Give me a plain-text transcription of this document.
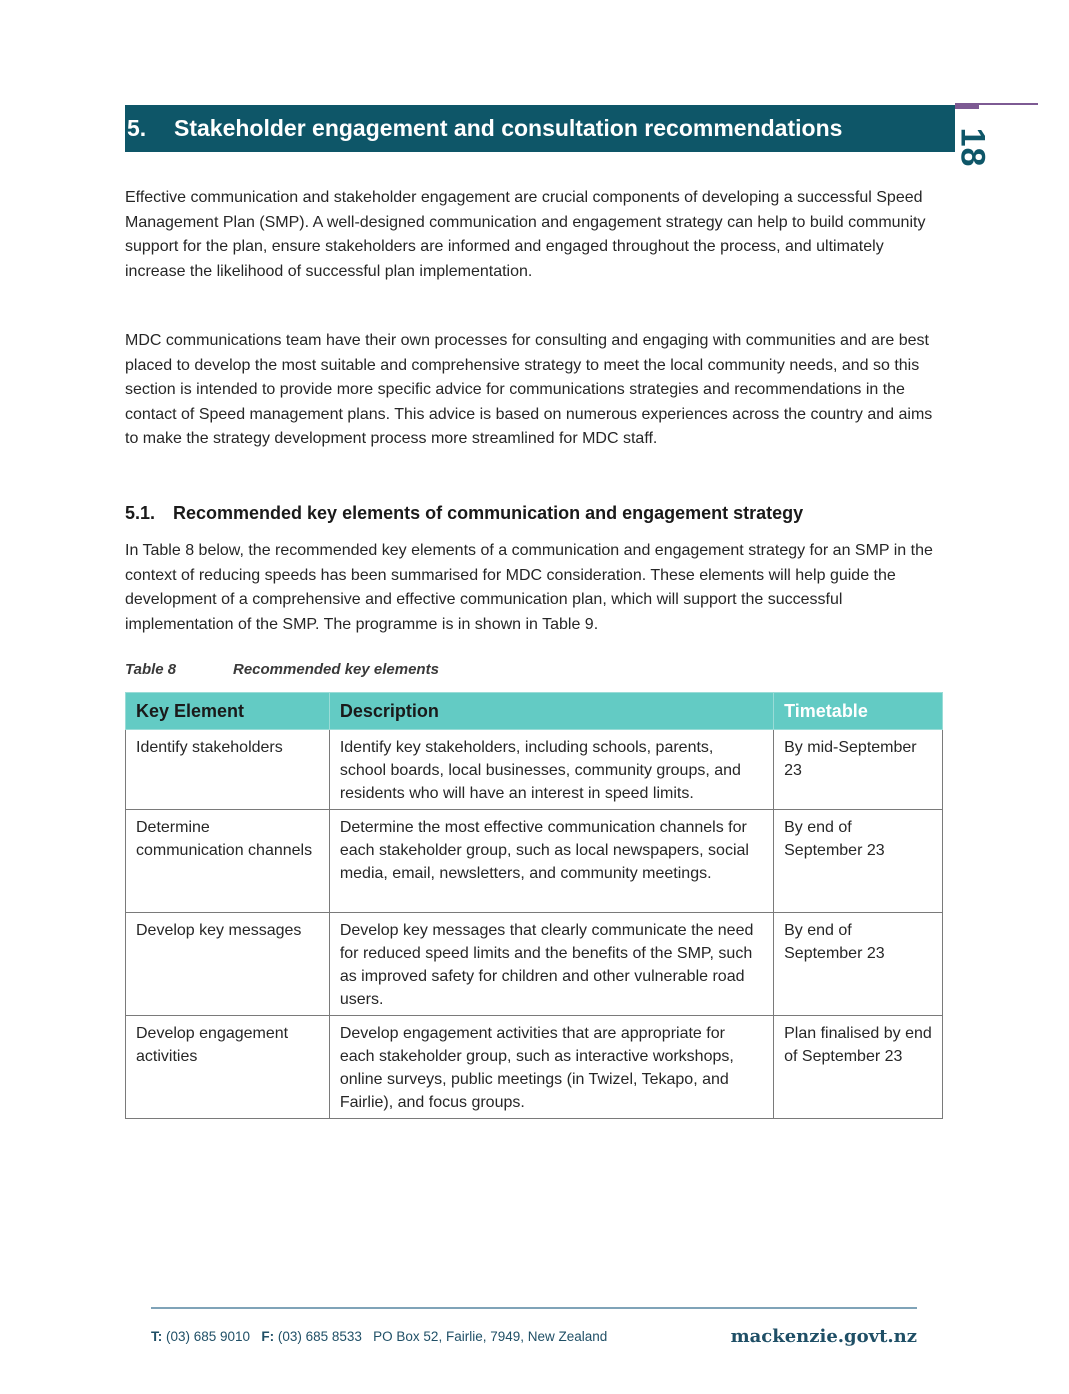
5.	Stakeholder engagement and consultation recommendations	18

Effective communication and stakeholder engagement are crucial components of developing a successful Speed Management Plan (SMP). A well-designed communication and engagement strategy can help to build community support for the plan, ensure stakeholders are informed and engaged throughout the process, and ultimately increase the likelihood of successful plan implementation.

MDC communications team have their own processes for consulting and engaging with communities and are best placed to develop the most suitable and comprehensive strategy to meet the local community needs, and so this section is intended to provide more specific advice for communications strategies and recommendations in the contact of Speed management plans. This advice is based on numerous experiences across the country and aims to make the strategy development process more streamlined for MDC staff.

5.1. Recommended key elements of communication and engagement strategy

In Table 8 below, the recommended key elements of a communication and engagement strategy for an SMP in the context of reducing speeds has been summarised for MDC consideration. These elements will help guide the development of a comprehensive and effective communication plan, which will support the successful implementation of the SMP. The programme is in shown in Table 9.

Table 8	Recommended key elements
Key Element	Description	Timetable
Identify stakeholders	Identify key stakeholders, including schools, parents, school boards, local businesses, community groups, and residents who will have an interest in speed limits.	By mid-September 23
Determine communication channels	Determine the most effective communication channels for each stakeholder group, such as local newspapers, social media, email, newsletters, and community meetings.	By end of September 23
Develop key messages	Develop key messages that clearly communicate the need for reduced speed limits and the benefits of the SMP, such as improved safety for children and other vulnerable road users.	By end of September 23
Develop engagement activities	Develop engagement activities that are appropriate for each stakeholder group, such as interactive workshops, online surveys, public meetings (in Twizel, Tekapo, and Fairlie), and focus groups.	Plan finalised by end of September 23
T: (03) 685 9010   F: (03) 685 8533   PO Box 52, Fairlie, 7949, New Zealand	mackenzie.govt.nz
